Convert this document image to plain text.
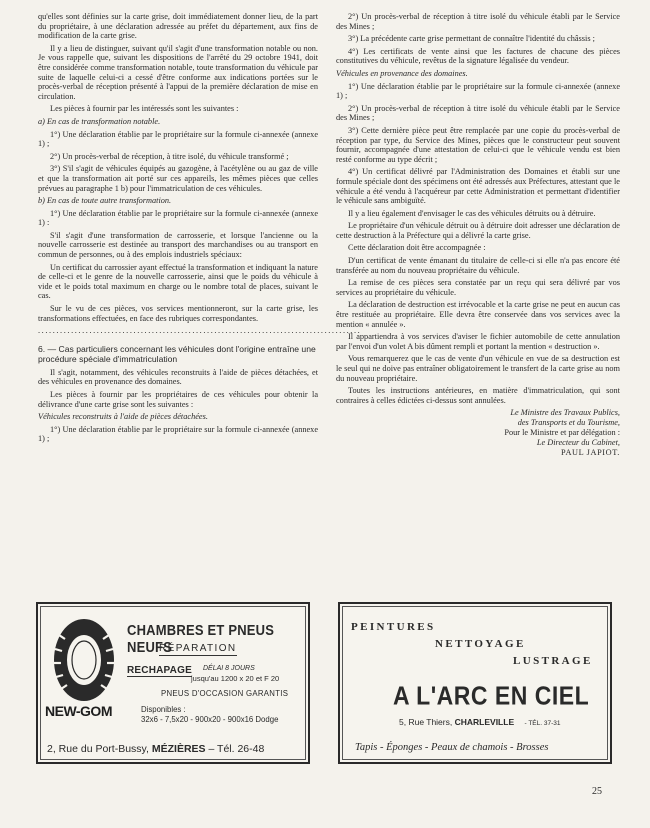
qu'elles sont définies sur la carte grise, doit immédiatement donner lieu, de la part du propriétaire, à une déclaration adressée au préfet du département, aux fins de modification de la carte grise.

Il y a lieu de distinguer, suivant qu'il s'agit d'une transformation notable ou non. Je vous rappelle que, suivant les dispositions de l'arrêté du 29 octobre 1941, doit être considérée comme transformation notable, toute transformation du véhicule par suite de laquelle celui-ci a cessé d'être conforme aux indications portées sur le procès-verbal de réception présenté à l'appui de la première déclaration de mise en circulation.

Les pièces à fournir par les intéressés sont les suivantes :

a) En cas de transformation notable.

1°) Une déclaration établie par le propriétaire sur la formule ci-annexée (annexe 1) ;

2°) Un procès-verbal de réception, à titre isolé, du véhicule transformé ;

3°) S'il s'agit de véhicules équipés au gazogène, à l'acétylène ou au gaz de ville et que la transformation ait porté sur ces appareils, les mêmes pièces que celles prévues au paragraphe 1 b) pour l'immatriculation de ces véhicules.

b) En cas de toute autre transformation.

1°) Une déclaration établie par le propriétaire sur la formule ci-annexée (annexe 1) :

S'il s'agit d'une transformation de carrosserie, et lorsque l'ancienne ou la nouvelle carrosserie est destinée au transport des marchandises ou au transport en commun de personnes, ou à des emplois industriels spéciaux:

Un certificat du carrossier ayant effectué la transformation et indiquant la nature de celle-ci et le genre de la nouvelle carrosserie, ainsi que le poids du véhicule à vide et le poids total maximum en charge ou le nombre total de places, suivant le cas.

Sur le vu de ces pièces, vos services mentionneront, sur la carte grise, les transformations effectuées, en face des rubriques correspondantes.

........................................................................................

6. — Cas particuliers concernant les véhicules dont l'origine entraîne une procédure spéciale d'immatriculation

Il s'agit, notamment, des véhicules reconstruits à l'aide de pièces détachées, et des véhicules en provenance des domaines.

Les pièces à fournir par les propriétaires de ces véhicules pour obtenir la délivrance d'une carte grise sont les suivantes :

Véhicules reconstruits à l'aide de pièces détachées.

1°) Une déclaration établie par le propriétaire sur la formule ci-annexée (annexe 1) ;

2°) Un procès-verbal de réception à titre isolé du véhicule établi par le Service des Mines ;

3°) La précédente carte grise permettant de connaître l'identité du châssis ;

4°) Les certificats de vente ainsi que les factures de chacune des pièces constitutives du véhicule, revêtus de la signature légalisée du vendeur.

Véhicules en provenance des domaines.

1°) Une déclaration établie par le propriétaire sur la formule ci-annexée (annexe 1) ;

2°) Un procès-verbal de réception à titre isolé du véhicule établi par le Service des Mines ;

3°) Cette dernière pièce peut être remplacée par une copie du procès-verbal de réception par type, du Service des Mines, pièces que le constructeur peut souvent fournir, accompagnée d'une attestation de celui-ci que le véhicule vendu est bien resté conforme au type décrit ;

4°) Un certificat délivré par l'Administration des Domaines et établi sur une formule spéciale dont des spécimens ont été adressés aux Préfectures, attestant que le véhicule a été vendu à l'acquéreur par cette Administration et permettant d'identifier le véhicule sans ambiguïté.

Il y a lieu également d'envisager le cas des véhicules détruits ou à détruire.

Le propriétaire d'un véhicule détruit ou à détruire doit adresser une déclaration de cette destruction à la Préfecture qui a délivré la carte grise.

Cette déclaration doit être accompagnée :

D'un certificat de vente émanant du titulaire de celle-ci si elle n'a pas encore été transférée au nom du nouveau propriétaire du véhicule.

La remise de ces pièces sera constatée par un reçu qui sera délivré par vos services au propriétaire du véhicule.

La déclaration de destruction est irrévocable et la carte grise ne peut en aucun cas être restituée au propriétaire. Elle devra être conservée dans vos services avec la mention « annulée ».

Il appartiendra à vos services d'aviser le fichier automobile de cette annulation par l'envoi d'un volet A bis dûment rempli et portant la mention « destruction ».

Vous remarquerez que le cas de vente d'un véhicule en vue de sa destruction est le seul qui ne doive pas entraîner obligatoirement le transfert de la carte grise au nom du nouveau propriétaire.

Toutes les instructions antérieures, en matière d'immatriculation, qui sont contraires à celles édictées ci-dessus sont annulées.

Le Ministre des Travaux Publics,

des Transports et du Tourisme,

Pour le Ministre et par délégation :

Le Directeur du Cabinet,

PAUL JAPIOT.

NEW-GOM
CHAMBRES ET PNEUS NEUFS
RÉPARATION
RECHAPAGE DÉLAI 8 JOURS
jusqu'au 1200 x 20 et F 20
PNEUS D'OCCASION GARANTIS
Disponibles :
32x6 - 7,5x20 - 900x20 - 900x16 Dodge
2, Rue du Port-Bussy, MÉZIÈRES – Tél. 26-48
PEINTURES
NETTOYAGE
LUSTRAGE
A L'ARC EN CIEL
5, Rue Thiers, CHARLEVILLE - TÉL. 37-31
Tapis - Éponges - Peaux de chamois - Brosses
25
